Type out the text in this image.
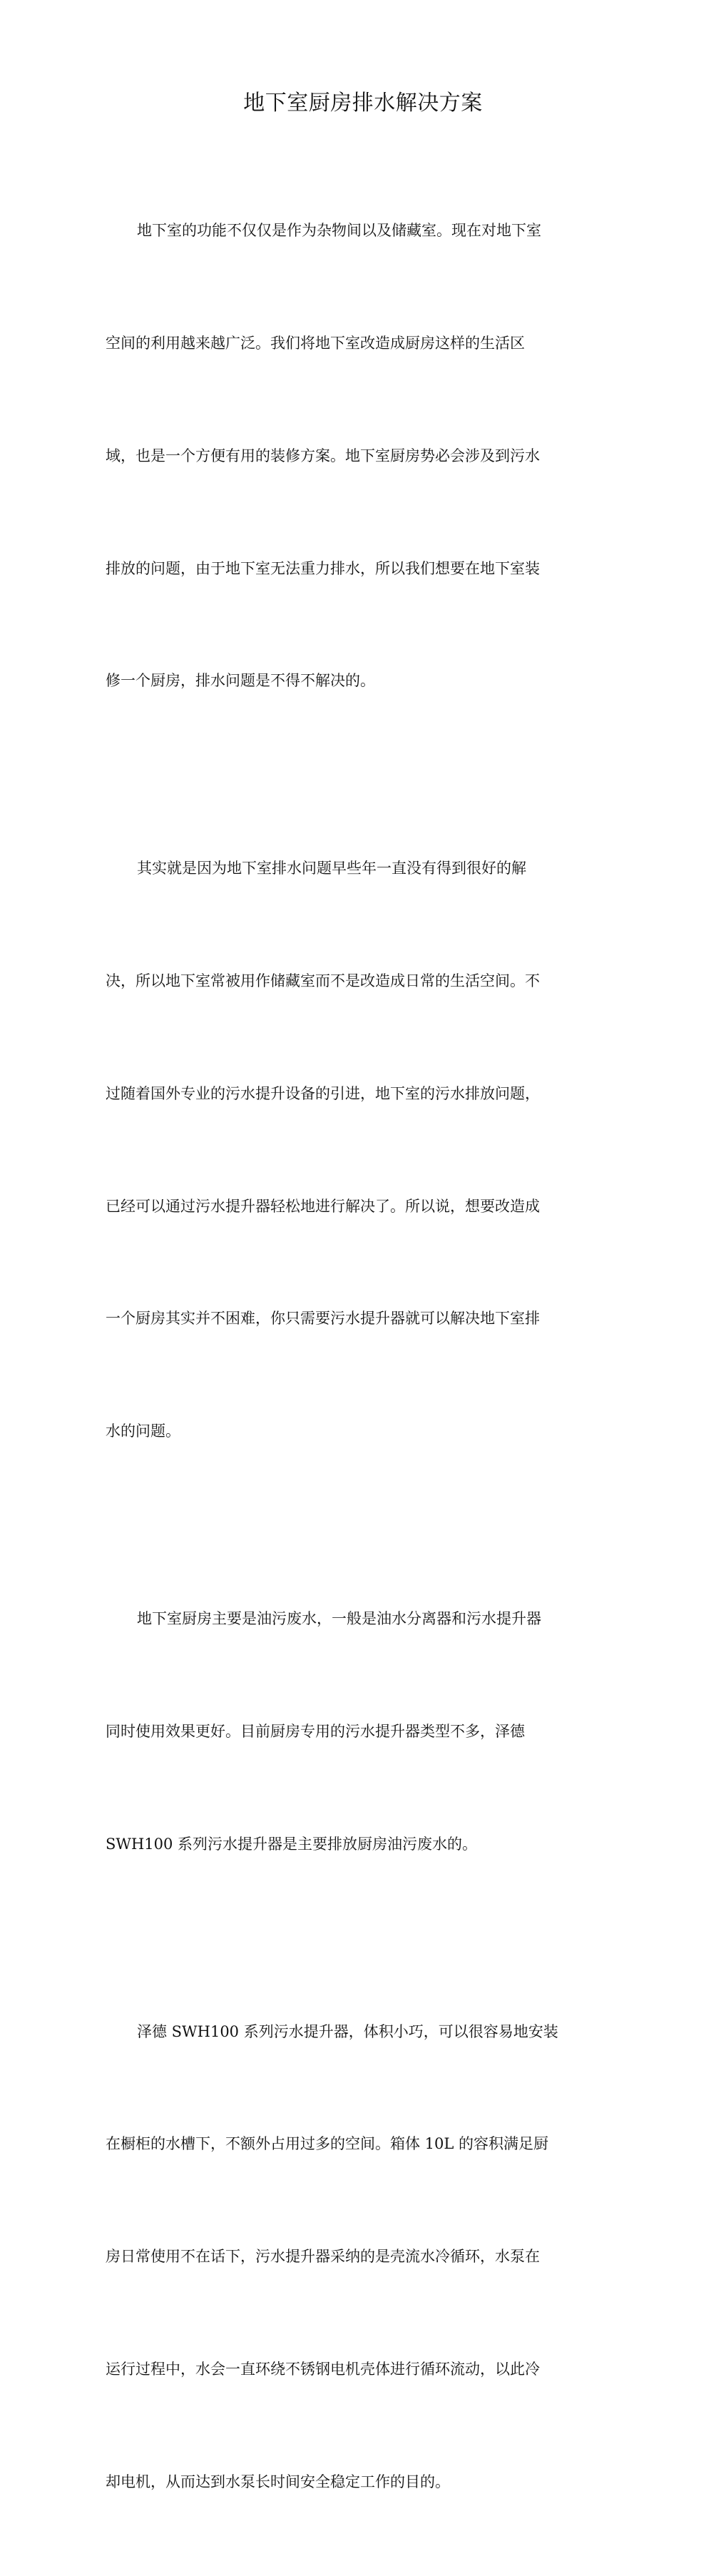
地下室厨房排水解决方案

地下室的功能不仅仅是作为杂物间以及储藏室。现在对地下室

空间的利用越来越广泛。我们将地下室改造成厨房这样的生活区

域，也是一个方便有用的装修方案。地下室厨房势必会涉及到污水

排放的问题，由于地下室无法重力排水，所以我们想要在地下室装

修一个厨房，排水问题是不得不解决的。

其实就是因为地下室排水问题早些年一直没有得到很好的解

决，所以地下室常被用作储藏室而不是改造成日常的生活空间。不

过随着国外专业的污水提升设备的引进，地下室的污水排放问题，

已经可以通过污水提升器轻松地进行解决了。所以说，想要改造成

一个厨房其实并不困难，你只需要污水提升器就可以解决地下室排

水的问题。

地下室厨房主要是油污废水，一般是油水分离器和污水提升器

同时使用效果更好。目前厨房专用的污水提升器类型不多，泽德

SWH100 系列污水提升器是主要排放厨房油污废水的。

泽德 SWH100 系列污水提升器，体积小巧，可以很容易地安装

在橱柜的水槽下，不额外占用过多的空间。箱体 10L 的容积满足厨

房日常使用不在话下，污水提升器采纳的是壳流水冷循环，水泵在

运行过程中，水会一直环绕不锈钢电机壳体进行循环流动，以此冷

却电机，从而达到水泵长时间安全稳定工作的目的。
